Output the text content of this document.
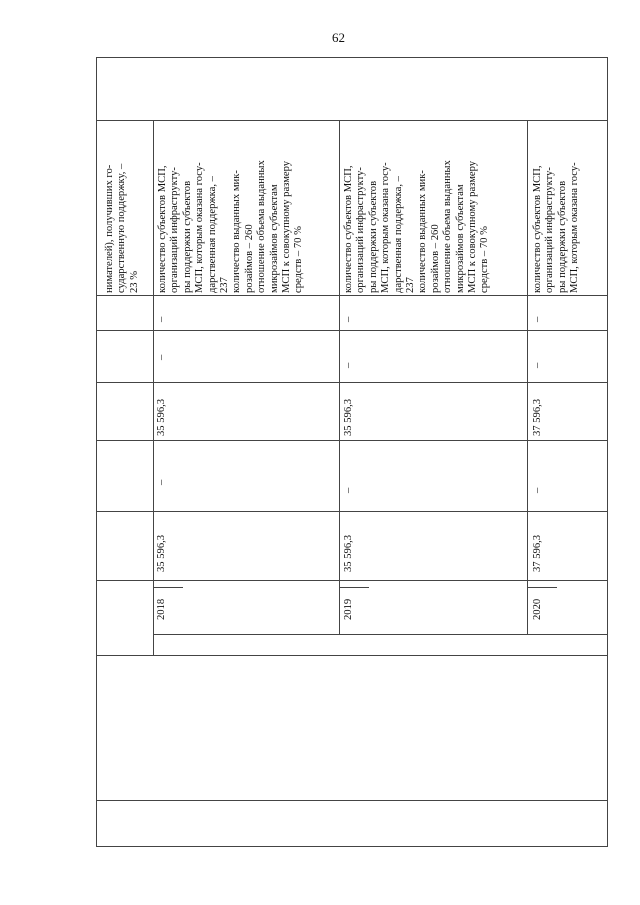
62
нимателей), получивших го- сударственную поддержку, – 23 % количество субъектов МСП, организаций инфраструкту- ры поддержки субъектов МСП, которым оказана госу- дарственная поддержка, – 237 количество выданных мик- розаймов – 260 отношение объема выданных микрозаймов субъектам МСП к совокупному размеру средств – 70 %
–
–
35 596,3
–
35 596,3
2018
количество субъектов МСП, организаций инфраструкту- ры поддержки субъектов МСП, которым оказана госу- дарственная поддержка, – 237 количество выданных мик- розаймов – 260 отношение объема выданных микрозаймов субъектам МСП к совокупному размеру средств – 70 %
–
–
35 596,3
–
35 596,3
2019
количество субъектов МСП, организаций инфраструкту- ры поддержки субъектов МСП, которым оказана госу-
–
–
37 596,3
–
37 596,3
2020
